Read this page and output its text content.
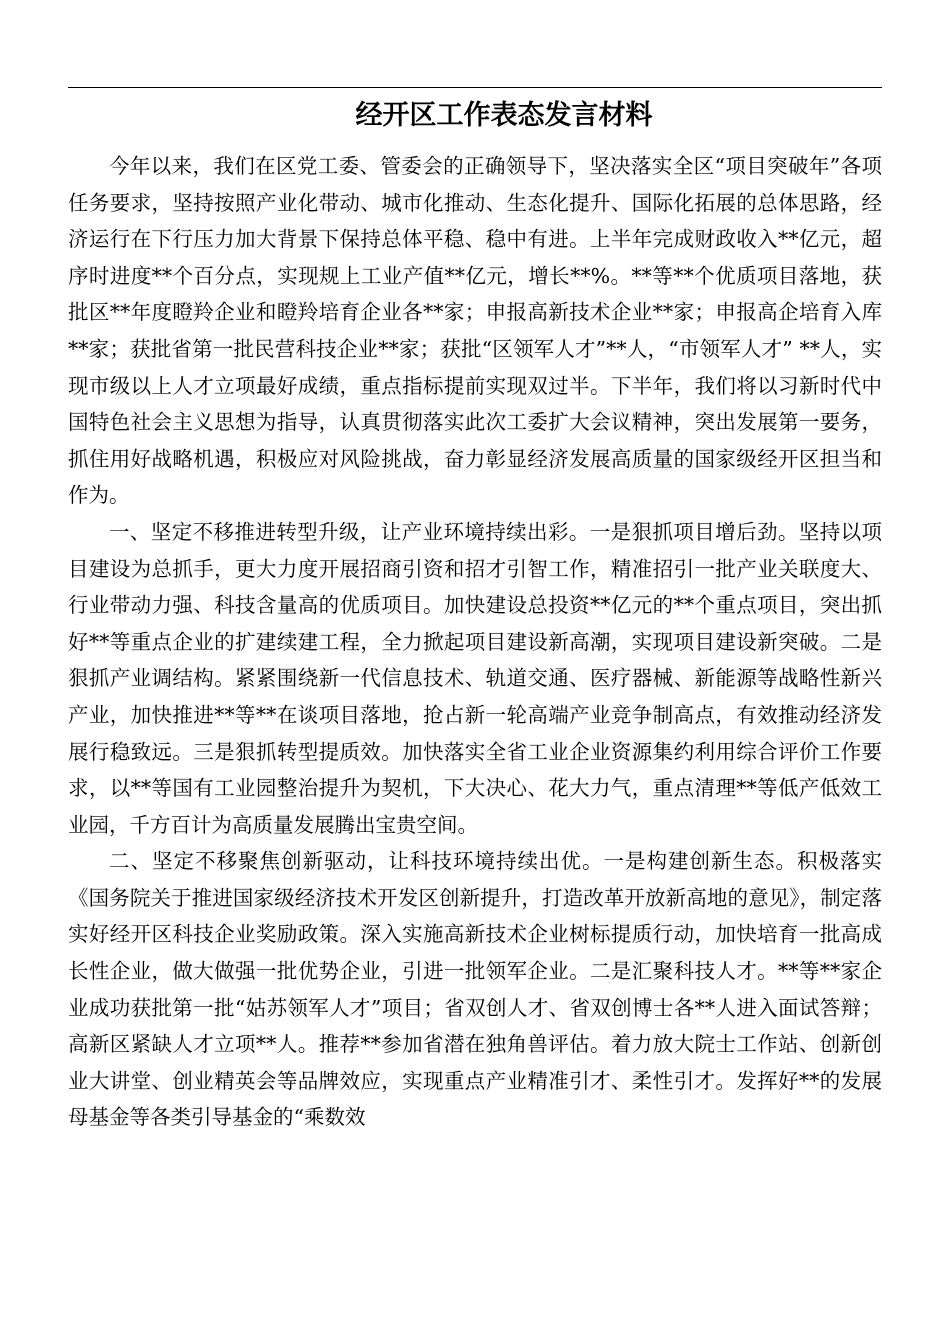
经开区工作表态发言材料

今年以来，我们在区党工委、管委会的正确领导下，坚决落实全区“项目突破年”各项任务要求，坚持按照产业化带动、城市化推动、生态化提升、国际化拓展的总体思路，经济运行在下行压力加大背景下保持总体平稳、稳中有进。上半年完成财政收入**亿元，超序时进度**个百分点，实现规上工业产值**亿元，增长**%。**等**个优质项目落地，获批区**年度瞪羚企业和瞪羚培育企业各**家；申报高新技术企业**家；申报高企培育入库**家；获批省第一批民营科技企业**家；获批“区领军人才”**人，“市领军人才” **人，实现市级以上人才立项最好成绩，重点指标提前实现双过半。下半年，我们将以习新时代中国特色社会主义思想为指导，认真贯彻落实此次工委扩大会议精神，突出发展第一要务，抓住用好战略机遇，积极应对风险挑战，奋力彰显经济发展高质量的国家级经开区担当和作为。

一、坚定不移推进转型升级，让产业环境持续出彩。一是狠抓项目增后劲。坚持以项目建设为总抓手，更大力度开展招商引资和招才引智工作，精准招引一批产业关联度大、行业带动力强、科技含量高的优质项目。加快建设总投资**亿元的**个重点项目，突出抓好**等重点企业的扩建续建工程，全力掀起项目建设新高潮，实现项目建设新突破。二是狠抓产业调结构。紧紧围绕新一代信息技术、轨道交通、医疗器械、新能源等战略性新兴产业，加快推进**等**在谈项目落地，抢占新一轮高端产业竞争制高点，有效推动经济发展行稳致远。三是狠抓转型提质效。加快落实全省工业企业资源集约利用综合评价工作要求，以**等国有工业园整治提升为契机，下大决心、花大力气，重点清理**等低产低效工业园，千方百计为高质量发展腾出宝贵空间。

二、坚定不移聚焦创新驱动，让科技环境持续出优。一是构建创新生态。积极落实《国务院关于推进国家级经济技术开发区创新提升，打造改革开放新高地的意见》，制定落实好经开区科技企业奖励政策。深入实施高新技术企业树标提质行动，加快培育一批高成长性企业，做大做强一批优势企业，引进一批领军企业。二是汇聚科技人才。**等**家企业成功获批第一批“姑苏领军人才”项目；省双创人才、省双创博士各**人进入面试答辩；高新区紧缺人才立项**人。推荐**参加省潜在独角兽评估。着力放大院士工作站、创新创业大讲堂、创业精英会等品牌效应，实现重点产业精准引才、柔性引才。发挥好**的发展母基金等各类引导基金的“乘数效
